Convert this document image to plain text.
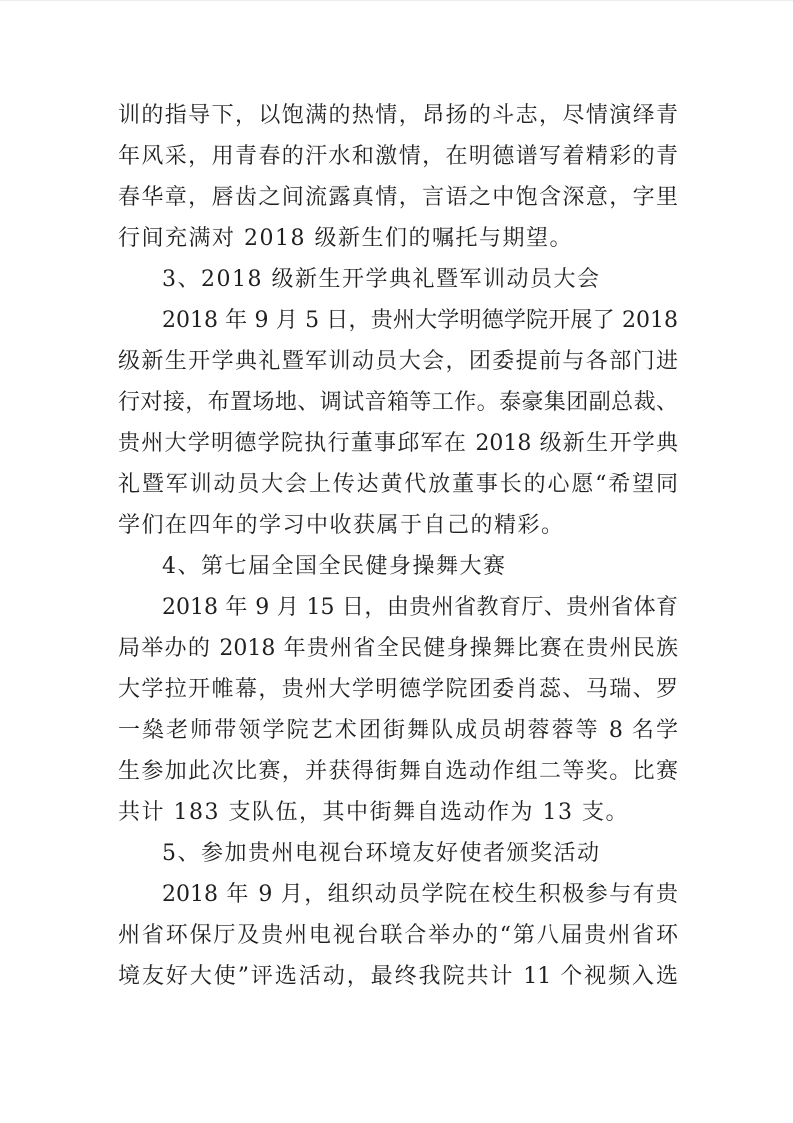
训的指导下，以饱满的热情，昂扬的斗志，尽情演绎青
年风采，用青春的汗水和激情，在明德谱写着精彩的青
春华章，唇齿之间流露真情，言语之中饱含深意，字里
行间充满对 2018 级新生们的嘱托与期望。
3、2018 级新生开学典礼暨军训动员大会
2018 年 9 月 5 日，贵州大学明德学院开展了 2018
级新生开学典礼暨军训动员大会，团委提前与各部门进
行对接，布置场地、调试音箱等工作。泰豪集团副总裁、
贵州大学明德学院执行董事邱军在 2018 级新生开学典
礼暨军训动员大会上传达黄代放董事长的心愿“希望同
学们在四年的学习中收获属于自己的精彩。
4、第七届全国全民健身操舞大赛
2018 年 9 月 15 日，由贵州省教育厅、贵州省体育
局举办的 2018 年贵州省全民健身操舞比赛在贵州民族
大学拉开帷幕，贵州大学明德学院团委肖蕊、马瑞、罗
一燊老师带领学院艺术团街舞队成员胡蓉蓉等 8 名学
生参加此次比赛，并获得街舞自选动作组二等奖。比赛
共计 183 支队伍，其中街舞自选动作为 13 支。
5、参加贵州电视台环境友好使者颁奖活动
2018 年 9 月，组织动员学院在校生积极参与有贵
州省环保厅及贵州电视台联合举办的“第八届贵州省环
境友好大使”评选活动，最终我院共计 11 个视频入选
